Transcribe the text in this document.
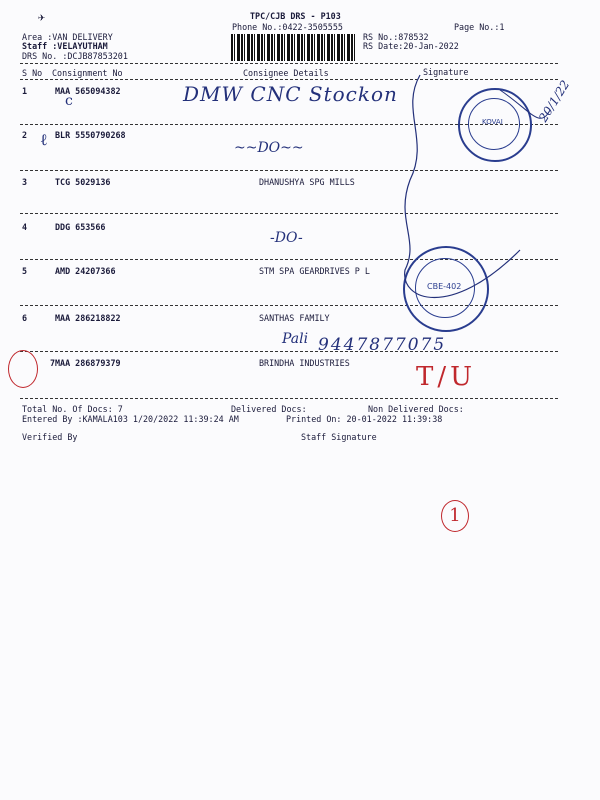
✈	TPC/CJB DRS - P103
Phone No.:0422-3505555	Page No.:1
Area :VAN DELIVERY
Staff :VELAYUTHAM
DRS No. :DCJB87853201
RS No.:878532
RS Date:20-Jan-2022
S No Consignment No	Consignee Details	Signature
1	MAA 565094382
2	BLR 5550790268
3	TCG 5029136	DHANUSHYA SPG MILLS
4	DDG 653566
5	AMD 24207366	STM SPA GEARDRIVES P L
6	MAA 286218822	SANTHAS FAMILY
7 MAA 286879379	BRINDHA INDUSTRIES
Total No. Of Docs: 7	Delivered Docs:	Non Delivered Docs:
Entered By :KAMALA103 1/20/2022 11:39:24 AM	Printed On: 20-01-2022 11:39:38
Verified By	Staff Signature
DMW CNC Stockon
~~DO~~
-DO-
Pali 9447877075
20/1/22
ϲ
ℓ
T/U
1
KOVAI
CBE-402
